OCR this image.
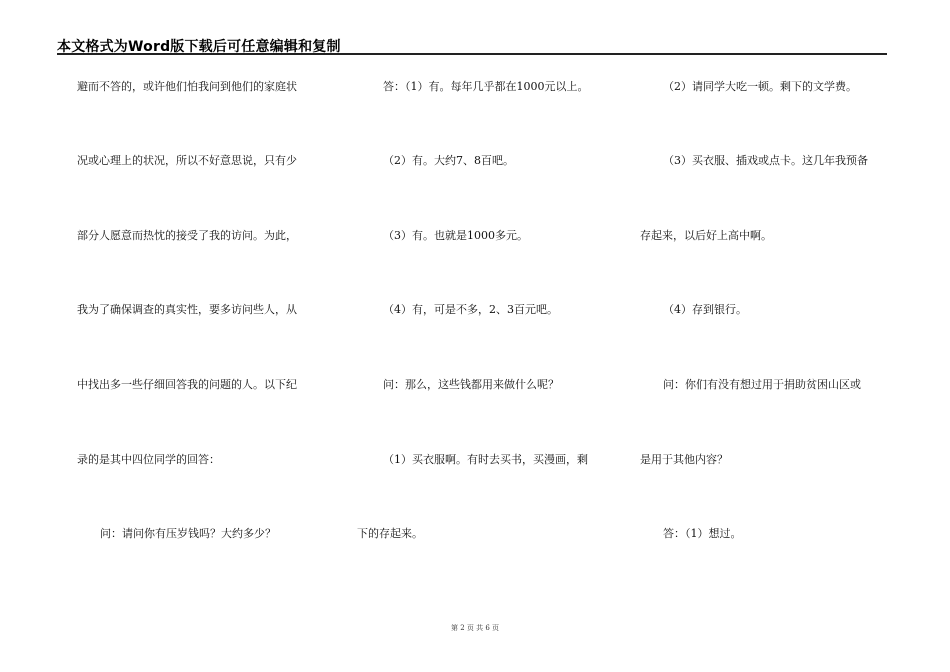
本文格式为Word版下载后可任意编辑和复制
避而不答的，或许他们怕我问到他们的家庭状
况或心理上的状况，所以不好意思说，只有少
部分人愿意而热忱的接受了我的访问。为此，
我为了确保调查的真实性，要多访问些人，从
中找出多一些仔细回答我的问题的人。以下纪
录的是其中四位同学的回答：
问：请问你有压岁钱吗？大约多少？
答：（1）有。每年几乎都在1000元以上。
（2）有。大约7、8百吧。
（3）有。也就是1000多元。
（4）有，可是不多，2、3百元吧。
问：那么，这些钱都用来做什么呢？
（1）买衣服啊。有时去买书，买漫画，剩
下的存起来。
（2）请同学大吃一顿。剩下的文学费。
（3）买衣服、插戏或点卡。这几年我预备
存起来，以后好上高中啊。
（4）存到银行。
问：你们有没有想过用于捐助贫困山区或
是用于其他内容？
答：（1）想过。
第 2 页 共 6 页
